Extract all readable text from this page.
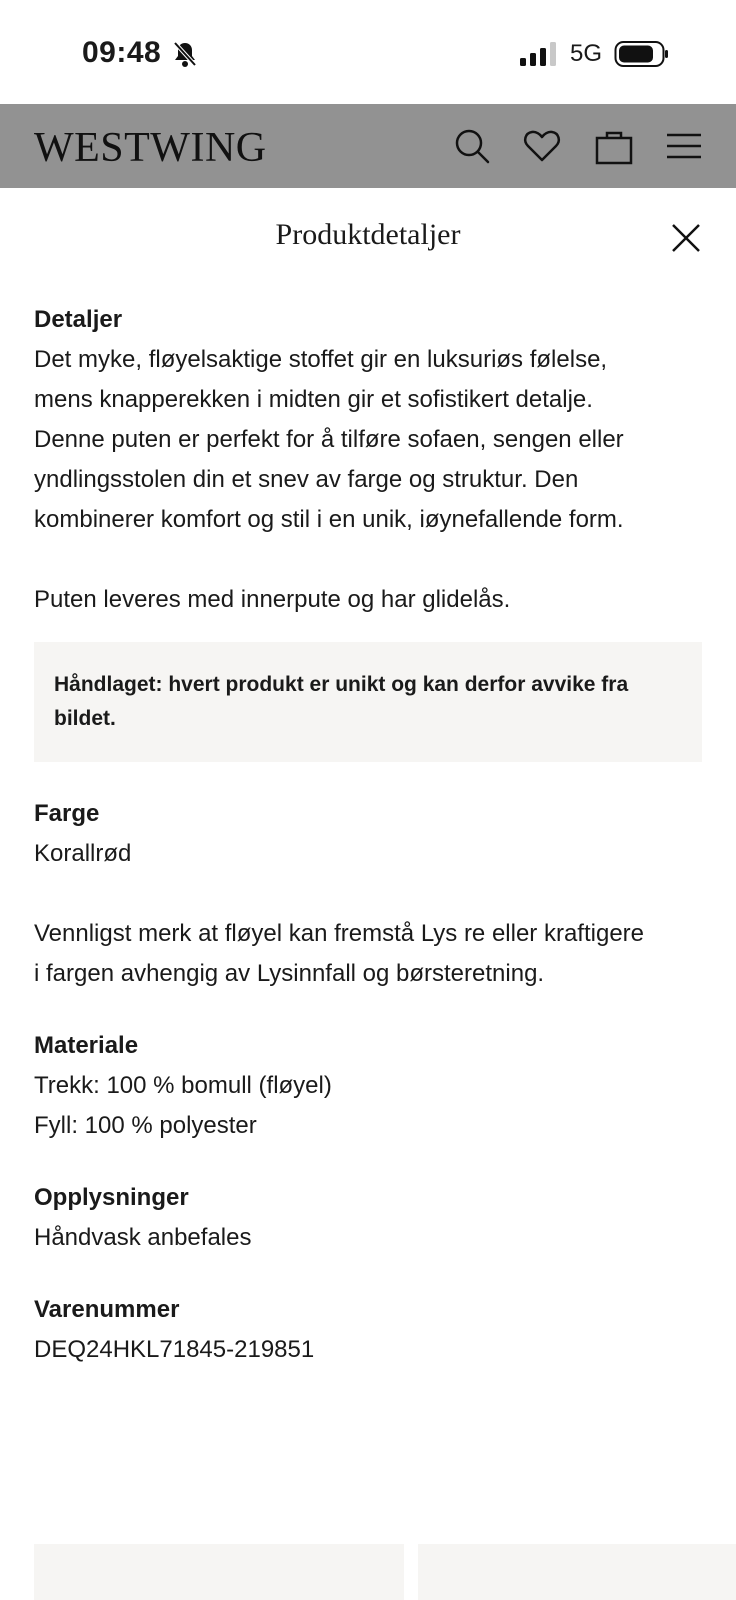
09:48	5G
WESTWING
Produktdetaljer
Detaljer
Det myke, fløyelsaktige stoffet gir en luksuriøs følelse,
mens knapperekken i midten gir et sofistikert detalje.
Denne puten er perfekt for å tilføre sofaen, sengen eller
yndlingsstolen din et snev av farge og struktur. Den
kombinerer komfort og stil i en unik, iøynefallende form.
Puten leveres med innerpute og har glidelås.
Håndlaget: hvert produkt er unikt og kan derfor avvike fra
bildet.
Farge
Korallrød
Vennligst merk at fløyel kan fremstå Lys re eller kraftigere
i fargen avhengig av Lysinnfall og børsteretning.
Materiale
Trekk: 100 % bomull (fløyel)
Fyll: 100 % polyester
Opplysninger
Håndvask anbefales
Varenummer
DEQ24HKL71845-219851
